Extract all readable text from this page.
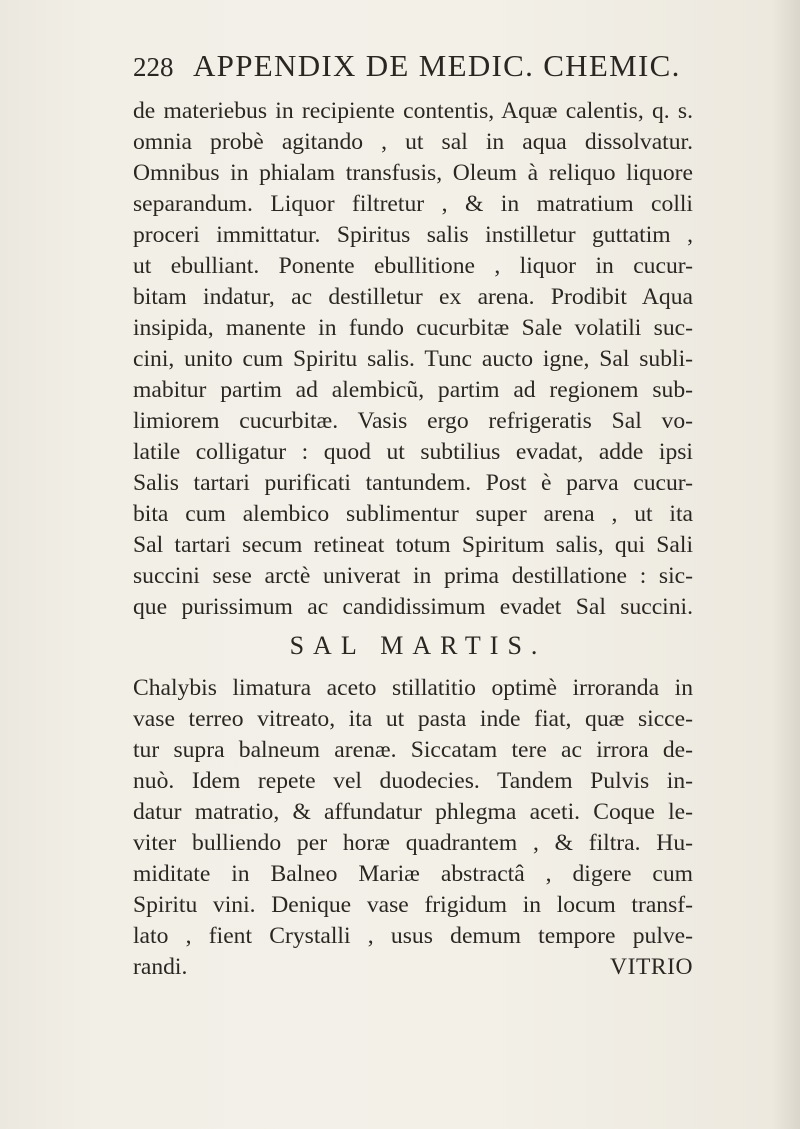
228 APPENDIX DE MEDIC. CHEMIC.
de materiebus in recipiente contentis, Aquæ calentis, q. s.
omnia probè agitando , ut sal in aqua dissolvatur.
Omnibus in phialam transfusis, Oleum à reliquo liquore
separandum. Liquor filtretur , & in matratium colli
proceri immittatur. Spiritus salis instilletur guttatim ,
ut ebulliant. Ponente ebullitione , liquor in cucur-
bitam indatur, ac destilletur ex arena. Prodibit Aqua
insipida, manente in fundo cucurbitæ Sale volatili suc-
cini, unito cum Spiritu salis. Tunc aucto igne, Sal subli-
mabitur partim ad alembicũ, partim ad regionem sub-
limiorem cucurbitæ. Vasis ergo refrigeratis Sal vo-
latile colligatur : quod ut subtilius evadat, adde ipsi
Salis tartari purificati tantundem. Post è parva cucur-
bita cum alembico sublimentur super arena , ut ita
Sal tartari secum retineat totum Spiritum salis, qui Sali
succini sese arctè univerat in prima destillatione : sic-
que purissimum ac candidissimum evadet Sal succini.
SAL MARTIS.
Chalybis limatura aceto stillatitio optimè irroranda in
vase terreo vitreato, ita ut pasta inde fiat, quæ sicce-
tur supra balneum arenæ. Siccatam tere ac irrora de-
nuò. Idem repete vel duodecies. Tandem Pulvis in-
datur matratio, & affundatur phlegma aceti. Coque le-
viter bulliendo per horæ quadrantem , & filtra. Hu-
miditate in Balneo Mariæ abstractâ , digere cum
Spiritu vini. Denique vase frigidum in locum transf-
lato , fient Crystalli , usus demum tempore pulve-
randi.	VITRIO
